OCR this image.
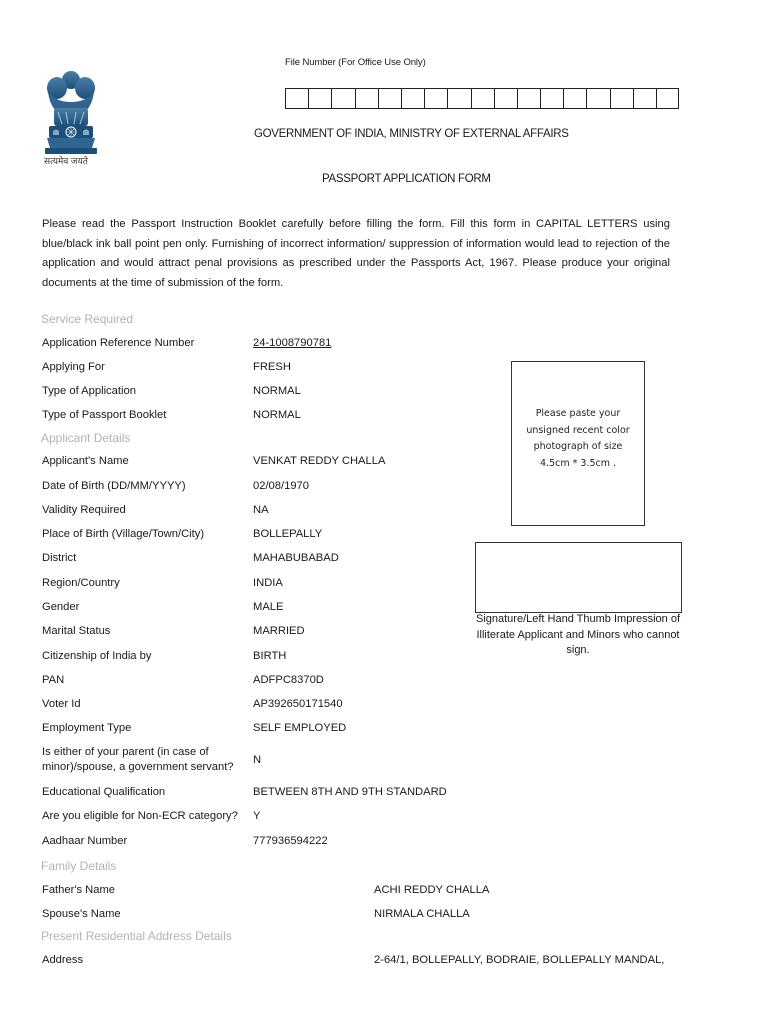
सत्यमेव जयते
File Number (For Office Use Only)
GOVERNMENT OF INDIA, MINISTRY OF EXTERNAL AFFAIRS
PASSPORT APPLICATION FORM
Please read the Passport Instruction Booklet carefully before filling the form. Fill this form in CAPITAL LETTERS using blue/black ink ball point pen only. Furnishing of incorrect information/ suppression of information would lead to rejection of the application and would attract penal provisions as prescribed under the Passports Act, 1967. Please produce your original documents at the time of submission of the form.
Service Required
Application Reference Number	24-1008790781
Applying For	FRESH
Type of Application	NORMAL
Type of Passport Booklet	NORMAL
Applicant Details
Applicant's Name	VENKAT REDDY CHALLA
Date of Birth (DD/MM/YYYY)	02/08/1970
Validity Required	NA
Place of Birth (Village/Town/City)	BOLLEPALLY
District	MAHABUBABAD
Region/Country	INDIA
Gender	MALE
Marital Status	MARRIED
Citizenship of India by	BIRTH
PAN	ADFPC8370D
Voter Id	AP392650171540
Employment Type	SELF EMPLOYED
Is either of your parent (in case of minor)/spouse, a government servant?
N
Educational Qualification	BETWEEN 8TH AND 9TH STANDARD
Are you eligible for Non-ECR category? Y
Aadhaar Number	777936594222
Family Details
Father's Name	ACHI REDDY CHALLA
Spouse's Name	NIRMALA CHALLA
Present Residential Address Details
Address	2-64/1, BOLLEPALLY, BODRAIE, BOLLEPALLY MANDAL,
Please paste your
unsigned recent color
photograph of size
4.5cm * 3.5cm .
Signature/Left Hand Thumb Impression of Illiterate Applicant and Minors who cannot sign.
